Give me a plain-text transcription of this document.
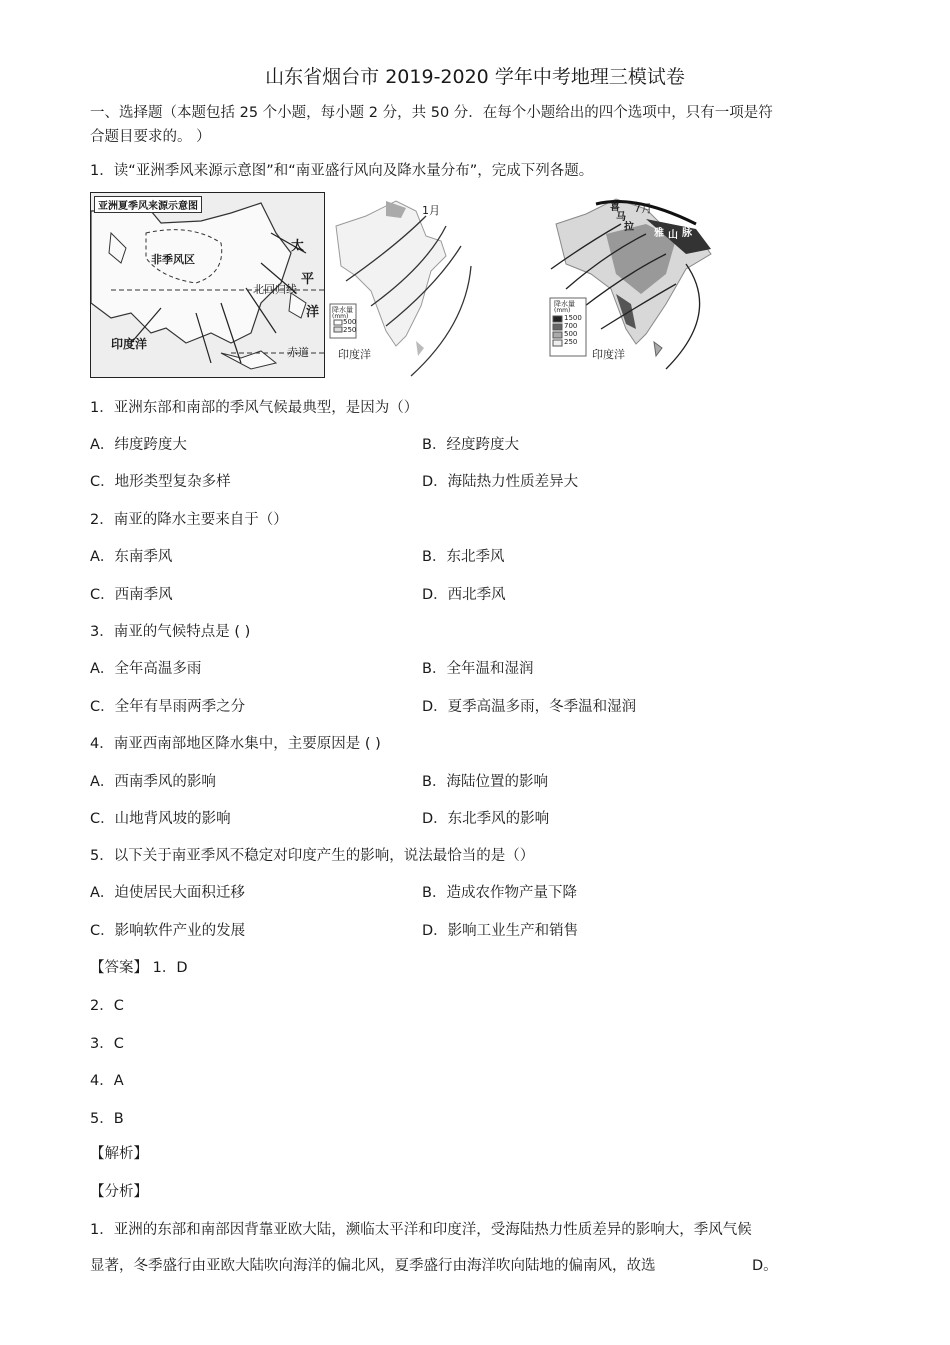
山东省烟台市 2019-2020 学年中考地理三模试卷
一、选择题（本题包括 25 个小题，每小题 2 分，共 50 分．在每个小题给出的四个选项中，只有一项是符
合题目要求的。 ）
1．读“亚洲季风来源示意图”和“南亚盛行风向及降水量分布”，完成下列各题。
亚洲夏季风来源示意图
非季风区
北回归线
太
平
洋
印度洋
赤道
1月
降水量
(mm)
500
250
印度洋
喜
马
拉
雅 山 脉
7月
降水量
(mm)
1500
700
500
250
印度洋
1．亚洲东部和南部的季风气候最典型，是因为（）
A．纬度跨度大	B．经度跨度大
C．地形类型复杂多样	D．海陆热力性质差异大
2．南亚的降水主要来自于（）
A．东南季风	B．东北季风
C．西南季风	D．西北季风
3．南亚的气候特点是 ( )
A．全年高温多雨	B．全年温和湿润
C．全年有旱雨两季之分	D．夏季高温多雨，冬季温和湿润
4．南亚西南部地区降水集中，主要原因是 ( )
A．西南季风的影响	B．海陆位置的影响
C．山地背风坡的影响	D．东北季风的影响
5．以下关于南亚季风不稳定对印度产生的影响，说法最恰当的是（）
A．迫使居民大面积迁移	B．造成农作物产量下降
C．影响软件产业的发展	D．影响工业生产和销售
【答案】 1．D
2．C
3．C
4．A
5．B
【解析】
【分析】
1．亚洲的东部和南部因背靠亚欧大陆，濒临太平洋和印度洋，受海陆热力性质差异的影响大，季风气候
显著，冬季盛行由亚欧大陆吹向海洋的偏北风，夏季盛行由海洋吹向陆地的偏南风，故选	D。
